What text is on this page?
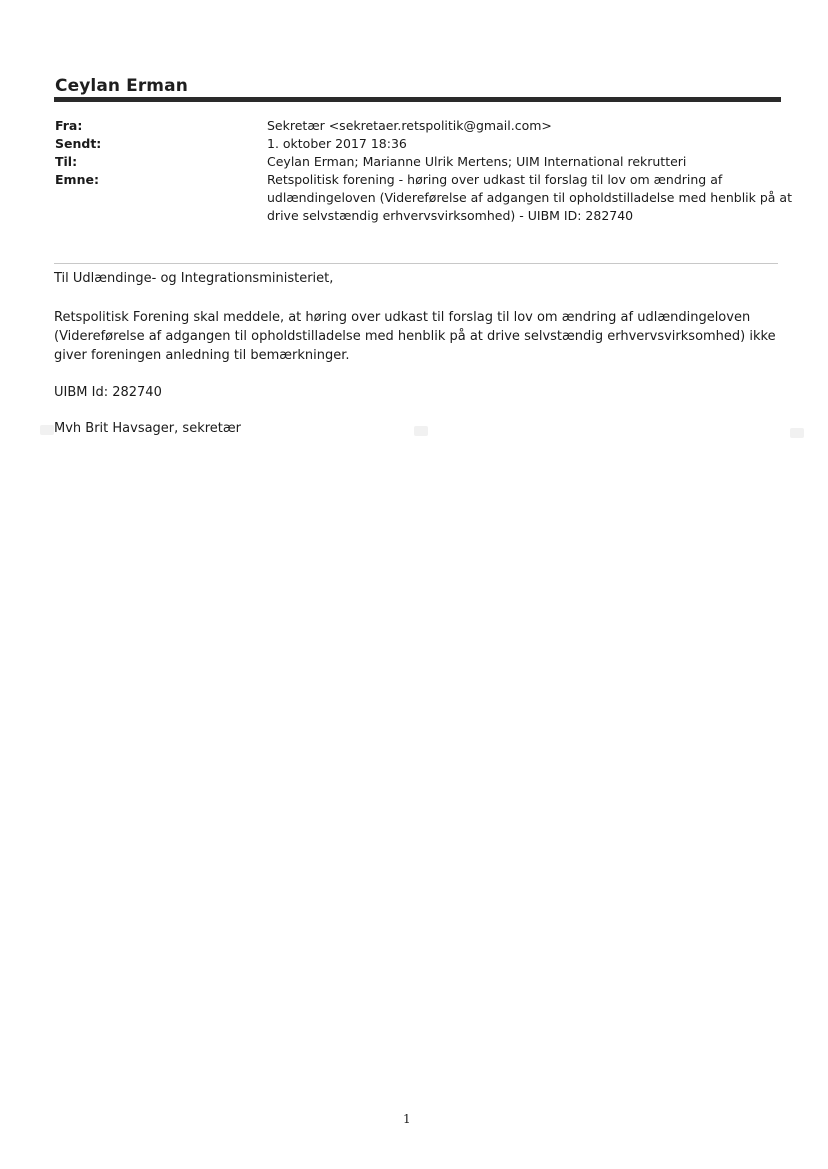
Ceylan Erman
Fra:	Sekretær <sekretaer.retspolitik@gmail.com>
Sendt:	1. oktober 2017 18:36
Til:	Ceylan Erman; Marianne Ulrik Mertens; UIM International rekrutteri
Emne:	Retspolitisk forening - høring over udkast til forslag til lov om ændring af
udlændingeloven (Videreførelse af adgangen til opholdstilladelse med henblik på at
drive selvstændig erhvervsvirksomhed) - UIBM ID: 282740
Til Udlændinge- og Integrationsministeriet,
Retspolitisk Forening skal meddele, at høring over udkast til forslag til lov om ændring af udlændingeloven
(Videreførelse af adgangen til opholdstilladelse med henblik på at drive selvstændig erhvervsvirksomhed) ikke
giver foreningen anledning til bemærkninger.
UIBM Id: 282740
Mvh Brit Havsager, sekretær
1
